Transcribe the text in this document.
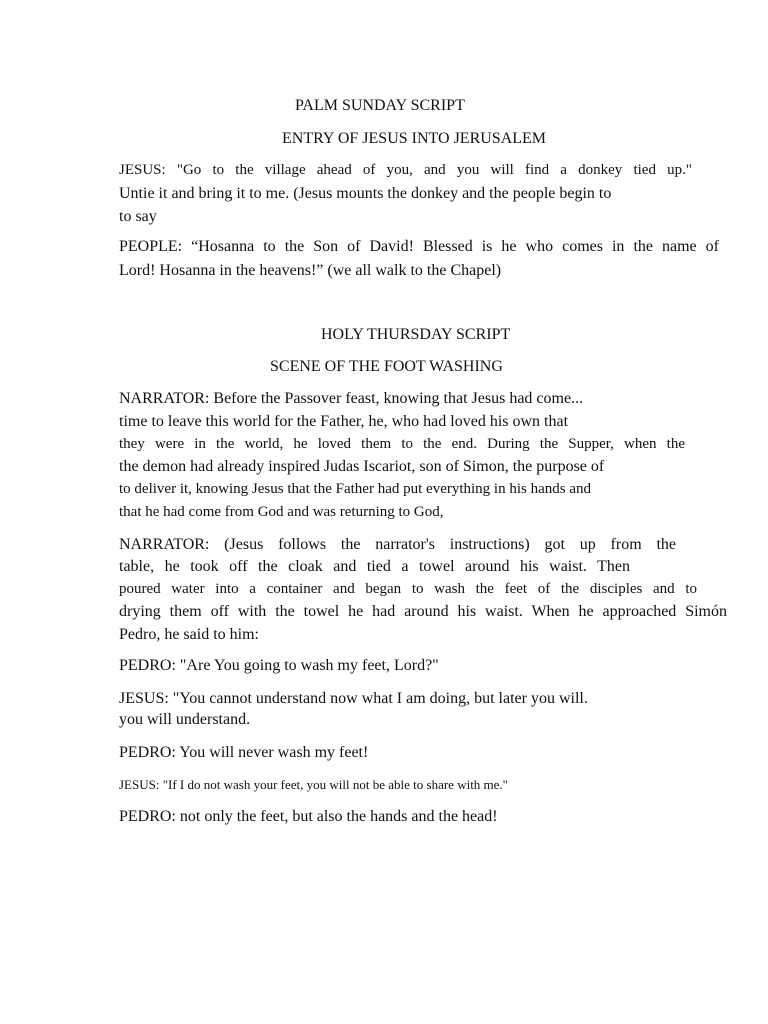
PALM SUNDAY SCRIPT
ENTRY OF JESUS INTO JERUSALEM
JESUS: "Go to the village ahead of you, and you will find a donkey tied up."
Untie it and bring it to me. (Jesus mounts the donkey and the people begin to
to say
PEOPLE: “Hosanna to the Son of David! Blessed is he who comes in the name of
Lord! Hosanna in the heavens!” (we all walk to the Chapel)
HOLY THURSDAY SCRIPT
SCENE OF THE FOOT WASHING
NARRATOR: Before the Passover feast, knowing that Jesus had come...
time to leave this world for the Father, he, who had loved his own that
they were in the world, he loved them to the end. During the Supper, when the
the demon had already inspired Judas Iscariot, son of Simon, the purpose of
to deliver it, knowing Jesus that the Father had put everything in his hands and
that he had come from God and was returning to God,
NARRATOR: (Jesus follows the narrator's instructions) got up from the
table, he took off the cloak and tied a towel around his waist. Then
poured water into a container and began to wash the feet of the disciples and to
drying them off with the towel he had around his waist. When he approached Simón
Pedro, he said to him:
PEDRO: "Are You going to wash my feet, Lord?"
JESUS: "You cannot understand now what I am doing, but later you will.
you will understand.
PEDRO: You will never wash my feet!
JESUS: "If I do not wash your feet, you will not be able to share with me."
PEDRO: not only the feet, but also the hands and the head!
